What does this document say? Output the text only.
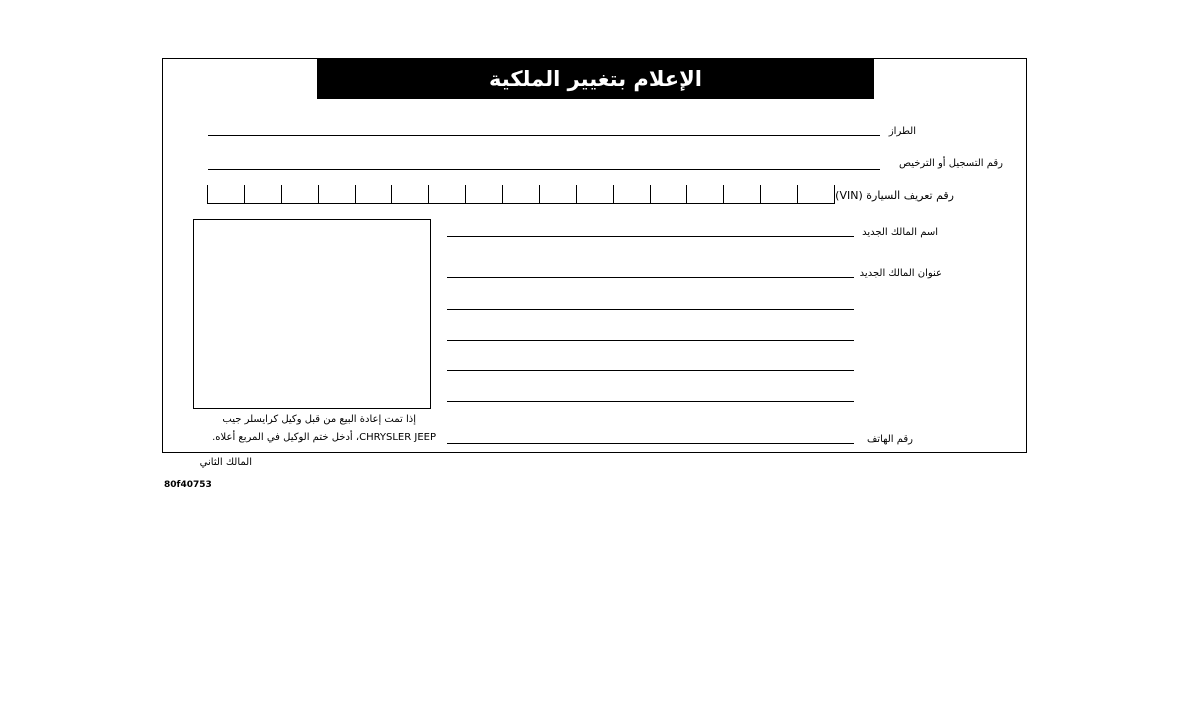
الإعلام بتغيير الملكية
الطراز
رقم التسجيل أو الترخيص
رقم تعريف السيارة (VIN)
اسم المالك الجديد
عنوان المالك الجديد
رقم الهاتف
إذا تمت إعادة البيع من قبل وكيل كرايسلر جيب
CHRYSLER JEEP، أدخل ختم الوكيل في المربع أعلاه.
المالك الثاني
80f40753
